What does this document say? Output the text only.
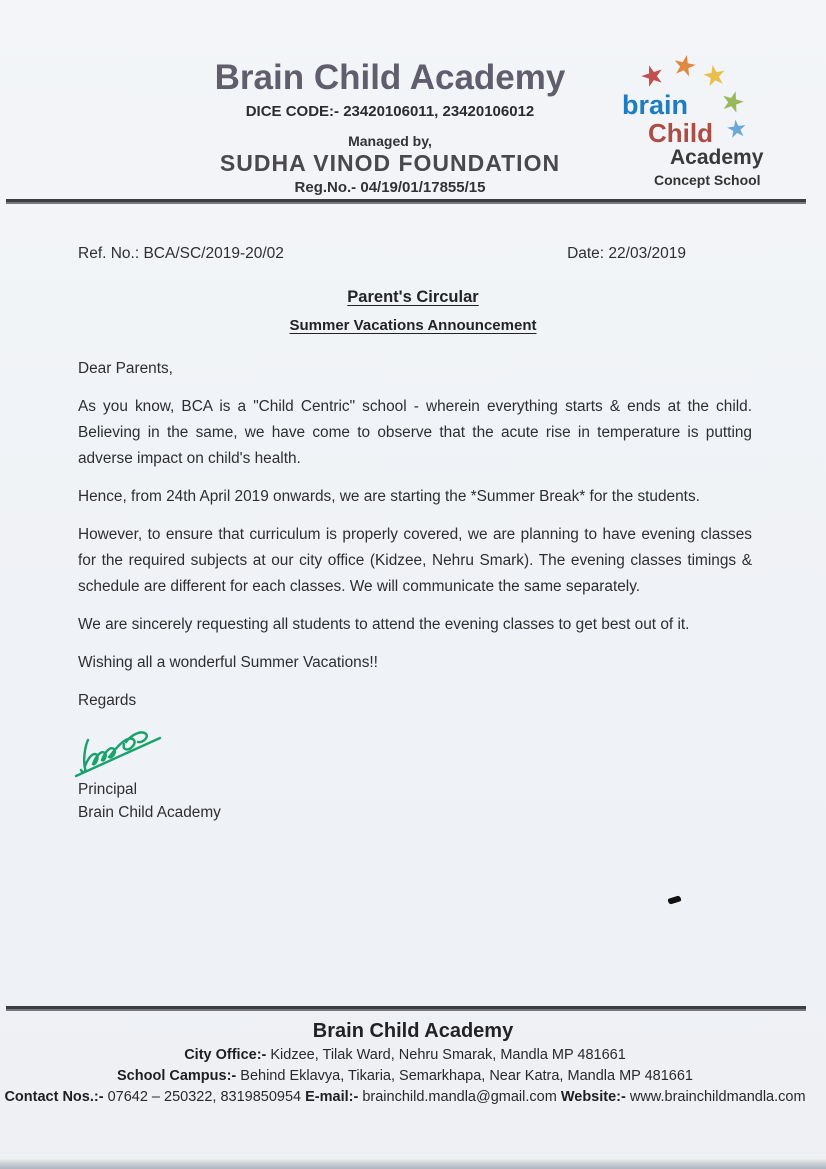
Brain Child Academy
DICE CODE:- 23420106011, 23420106012
Managed by,
SUDHA VINOD FOUNDATION
Reg.No.- 04/19/01/17855/15
★ ★ ★
★
★
brain
Child
Academy
Concept School
Ref. No.: BCA/SC/2019-20/02	Date: 22/03/2019
Parent's Circular
Summer Vacations Announcement

Dear Parents,

As you know, BCA is a "Child Centric" school - wherein everything starts & ends at the child. Believing in the same, we have come to observe that the acute rise in temperature is putting adverse impact on child's health.

Hence, from 24th April 2019 onwards, we are starting the *Summer Break* for the students.

However, to ensure that curriculum is properly covered, we are planning to have evening classes for the required subjects at our city office (Kidzee, Nehru Smark). The evening classes timings & schedule are different for each classes. We will communicate the same separately.

We are sincerely requesting all students to attend the evening classes to get best out of it.

Wishing all a wonderful Summer Vacations!!

Regards

Principal

Brain Child Academy

Brain Child Academy
City Office:- Kidzee, Tilak Ward, Nehru Smarak, Mandla MP 481661
School Campus:- Behind Eklavya, Tikaria, Semarkhapa, Near Katra, Mandla MP 481661
Contact Nos.:- 07642 – 250322, 8319850954 E-mail:- brainchild.mandla@gmail.com Website:- www.brainchildmandla.com
